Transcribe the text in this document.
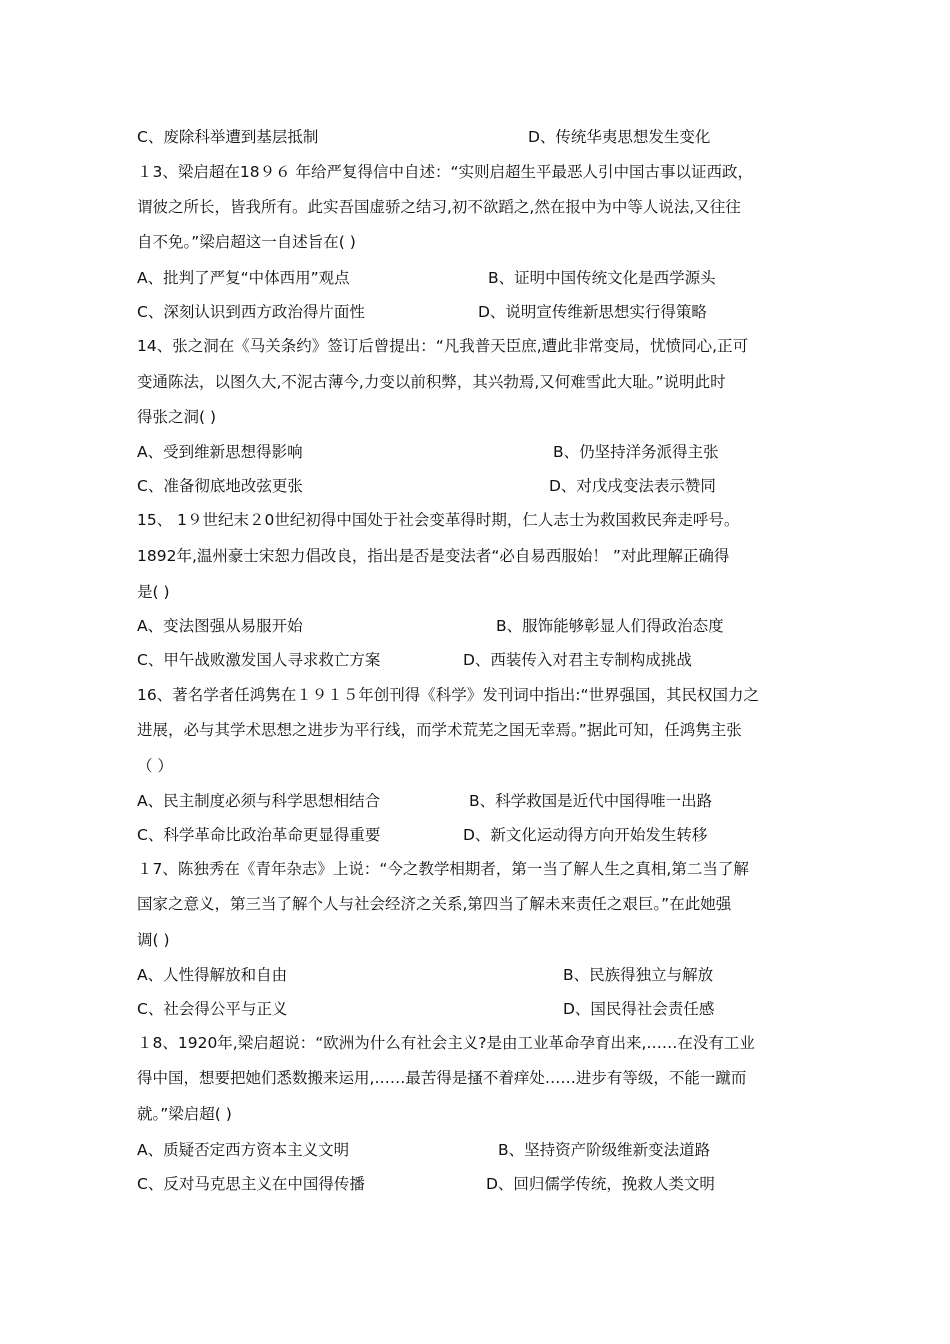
C、废除科举遭到基层抵制	D、传统华夷思想发生变化
１3、梁启超在18９６ 年给严复得信中自述：“实则启超生平最恶人引中国古事以证西政，
谓彼之所长，皆我所有。此实吾国虚骄之结习,初不欲蹈之,然在报中为中等人说法,又往往
自不免。”梁启超这一自述旨在( )
A、批判了严复“中体西用”观点	B、证明中国传统文化是西学源头
C、深刻认识到西方政治得片面性	D、说明宣传维新思想实行得策略
14、张之洞在《马关条约》签订后曾提出：“凡我普天臣庶,遭此非常变局，忧愤同心,正可
变通陈法，以图久大,不泥古薄今,力变以前积弊，其兴勃焉,又何难雪此大耻。”说明此时
得张之洞( )
A、受到维新思想得影响	B、仍坚持洋务派得主张
C、准备彻底地改弦更张	D、对戊戌变法表示赞同
15、 1９世纪末２0世纪初得中国处于社会变革得时期，仁人志士为救国救民奔走呼号。
1892年,温州豪士宋恕力倡改良，指出是否是变法者“必自易西服始！ ”对此理解正确得
是( )
A、变法图强从易服开始	B、服饰能够彰显人们得政治态度
C、甲午战败激发国人寻求救亡方案	D、西装传入对君主专制构成挑战
16、著名学者任鸿隽在１９１５年创刊得《科学》发刊词中指出:“世界强国，其民权国力之
进展，必与其学术思想之进步为平行线，而学术荒芜之国无幸焉。”据此可知，任鸿隽主张
（ ）
A、民主制度必须与科学思想相结合	B、科学救国是近代中国得唯一出路
C、科学革命比政治革命更显得重要	D、新文化运动得方向开始发生转移
１7、陈独秀在《青年杂志》上说：“今之教学相期者，第一当了解人生之真相,第二当了解
国家之意义，第三当了解个人与社会经济之关系,第四当了解未来责任之艰巨。”在此她强
调( )
A、人性得解放和自由	B、民族得独立与解放
C、社会得公平与正义	D、国民得社会责任感
１8、1920年,梁启超说：“欧洲为什么有社会主义?是由工业革命孕育出来,……在没有工业
得中国，想要把她们悉数搬来运用,……最苦得是搔不着痒处……进步有等级，不能一蹴而
就。”梁启超( )
A、质疑否定西方资本主义文明	B、坚持资产阶级维新变法道路
C、反对马克思主义在中国得传播	D、回归儒学传统，挽救人类文明
